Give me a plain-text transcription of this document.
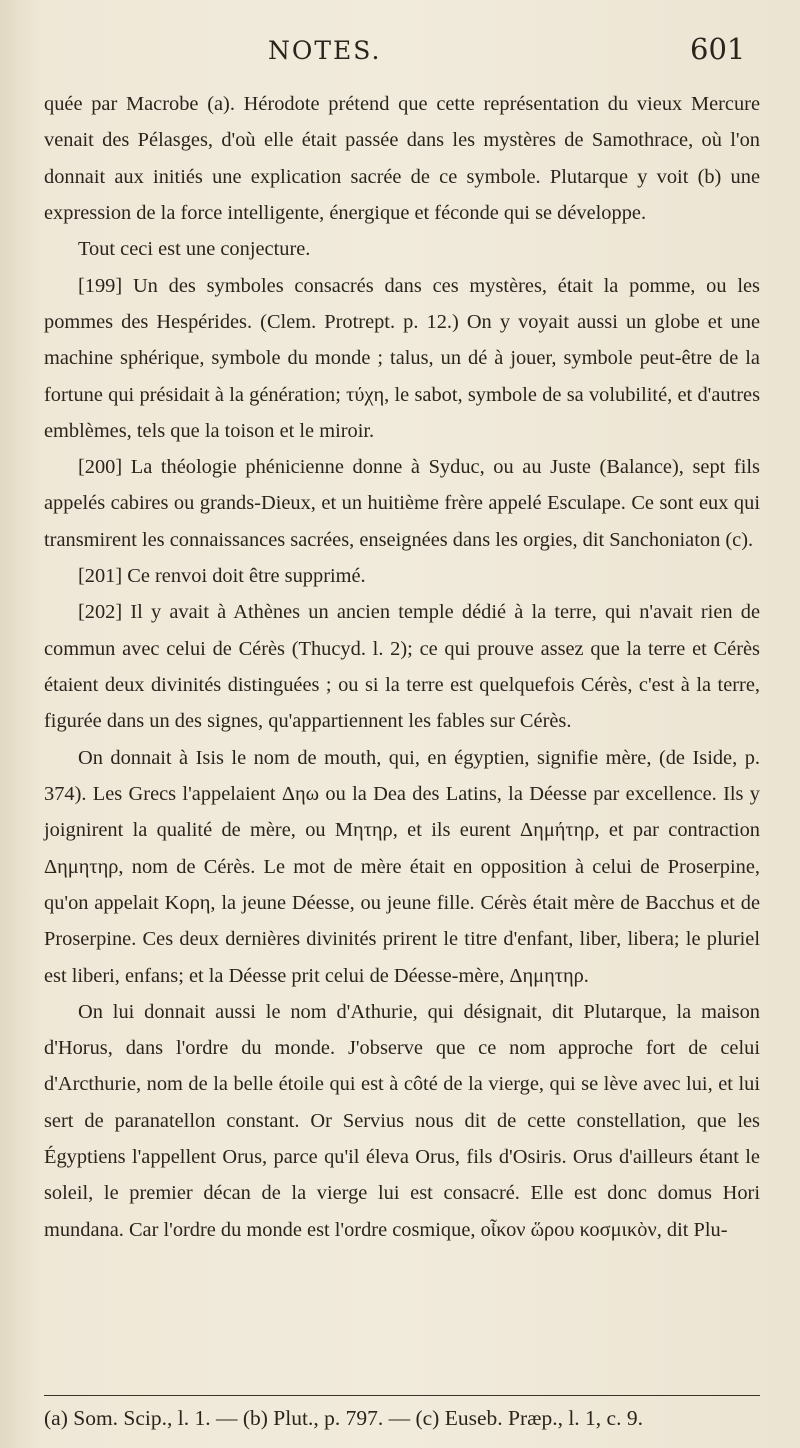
NOTES.	601

quée par Macrobe (a). Hérodote prétend que cette représentation du vieux Mercure venait des Pélasges, d'où elle était passée dans les mystères de Samothrace, où l'on donnait aux initiés une explication sacrée de ce symbole. Plutarque y voit (b) une expression de la force intelligente, énergique et féconde qui se développe.

Tout ceci est une conjecture.

[199] Un des symboles consacrés dans ces mystères, était la pomme, ou les pommes des Hespérides. (Clem. Protrept. p. 12.) On y voyait aussi un globe et une machine sphérique, symbole du monde ; talus, un dé à jouer, symbole peut-être de la fortune qui présidait à la génération; τύχη, le sabot, symbole de sa volubilité, et d'autres emblèmes, tels que la toison et le miroir.

[200] La théologie phénicienne donne à Syduc, ou au Juste (Balance), sept fils appelés cabires ou grands-Dieux, et un huitième frère appelé Esculape. Ce sont eux qui transmirent les connaissances sacrées, enseignées dans les orgies, dit Sanchoniaton (c).

[201] Ce renvoi doit être supprimé.

[202] Il y avait à Athènes un ancien temple dédié à la terre, qui n'avait rien de commun avec celui de Cérès (Thucyd. l. 2); ce qui prouve assez que la terre et Cérès étaient deux divinités distinguées ; ou si la terre est quelquefois Cérès, c'est à la terre, figurée dans un des signes, qu'appartiennent les fables sur Cérès.

On donnait à Isis le nom de mouth, qui, en égyptien, signifie mère, (de Iside, p. 374). Les Grecs l'appelaient Δηω ou la Dea des Latins, la Déesse par excellence. Ils y joignirent la qualité de mère, ou Μητηρ, et ils eurent Δημήτηρ, et par contraction Δημητηρ, nom de Cérès. Le mot de mère était en opposition à celui de Proserpine, qu'on appelait Κορη, la jeune Déesse, ou jeune fille. Cérès était mère de Bacchus et de Proserpine. Ces deux dernières divinités prirent le titre d'enfant, liber, libera; le pluriel est liberi, enfans; et la Déesse prit celui de Déesse-mère, Δημητηρ.

On lui donnait aussi le nom d'Athurie, qui désignait, dit Plutarque, la maison d'Horus, dans l'ordre du monde. J'observe que ce nom approche fort de celui d'Arcthurie, nom de la belle étoile qui est à côté de la vierge, qui se lève avec lui, et lui sert de paranatellon constant. Or Servius nous dit de cette constellation, que les Égyptiens l'appellent Orus, parce qu'il éleva Orus, fils d'Osiris. Orus d'ailleurs étant le soleil, le premier décan de la vierge lui est consacré. Elle est donc domus Hori mundana. Car l'ordre du monde est l'ordre cosmique, οἶκον ὥρου κοσμικὸν, dit Plu-

(a) Som. Scip., l. 1. — (b) Plut., p. 797. — (c) Euseb. Præp., l. 1, c. 9.
